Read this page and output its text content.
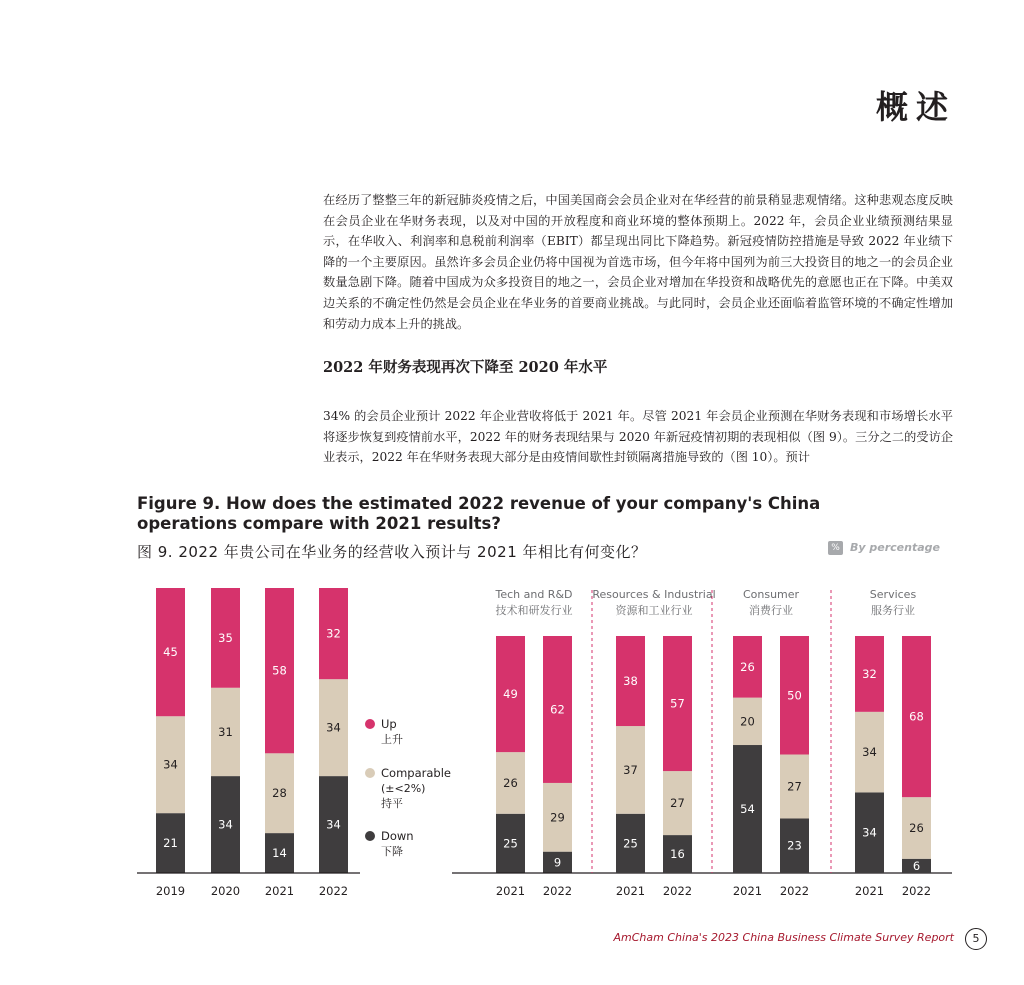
概述

在经历了整整三年的新冠肺炎疫情之后，中国美国商会会员企业对在华经营的前景稍显悲观情绪。这种悲观态度反映在会员企业在华财务表现，以及对中国的开放程度和商业环境的整体预期上。2022 年，会员企业业绩预测结果显示，在华收入、利润率和息税前利润率（EBIT）都呈现出同比下降趋势。新冠疫情防控措施是导致 2022 年业绩下降的一个主要原因。虽然许多会员企业仍将中国视为首选市场，但今年将中国列为前三大投资目的地之一的会员企业数量急剧下降。随着中国成为众多投资目的地之一，会员企业对增加在华投资和战略优先的意愿也正在下降。中美双边关系的不确定性仍然是会员企业在华业务的首要商业挑战。与此同时，会员企业还面临着监管环境的不确定性增加和劳动力成本上升的挑战。

2022 年财务表现再次下降至 2020 年水平

34% 的会员企业预计 2022 年企业营收将低于 2021 年。尽管 2021 年会员企业预测在华财务表现和市场增长水平将逐步恢复到疫情前水平，2022 年的财务表现结果与 2020 年新冠疫情初期的表现相似（图 9）。三分之二的受访企业表示，2022 年在华财务表现大部分是由疫情间歇性封锁隔离措施导致的（图 10）。预计

Figure 9. How does the estimated 2022 revenue of your company's China operations compare with 2021 results?
图 9. 2022 年贵公司在华业务的经营收入预计与 2021 年相比有何变化？	% By percentage
21
34
45
2019
34
31
35
2020
14
28
58
2021
34
34
32
2022
25
26
49
2021
9
29
62
2022
Tech and R&D
技术和研发行业
25
37
38
2021
16
27
57
2022
Resources & Industrial
资源和工业行业
54
20
26
2021
23
27
50
2022
Consumer
消费行业
34
34
32
2021
6
26
68
2022
Services
服务行业
Up
上升
Comparable
(±<2%)
持平
Down
下降
AmCham China's 2023 China Business Climate Survey Report	5
